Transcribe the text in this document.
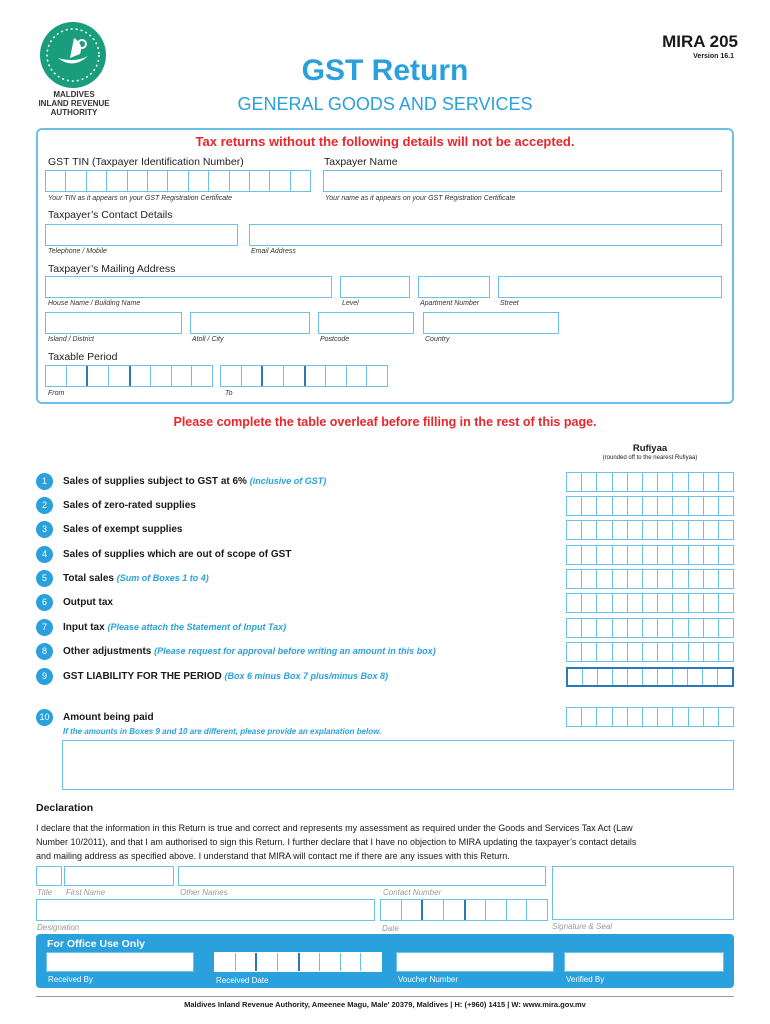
MALDIVES
INLAND REVENUE
AUTHORITY
MIRA 205
Version 16.1
GST Return
GENERAL GOODS AND SERVICES
Tax returns without the following details will not be accepted.
GST TIN (Taxpayer Identification Number)
Your TIN as it appears on your GST Registration Certificate
Taxpayer Name
Your name as it appears on your GST Registration Certificate
Taxpayer’s Contact Details
Telephone / Mobile	Email Address
Taxpayer’s Mailing Address
House Name / Building Name	Level	Apartment Number	Street
Island / District	Atoll / City	Postcode	Country
Taxable Period
From	To
Please complete the table overleaf before filling in the rest of this page.
Rufiyaa
(rounded off to the nearest Rufiyaa)
1	Sales of supplies subject to GST at 6% (inclusive of GST)
2	Sales of zero-rated supplies
3	Sales of exempt supplies
4	Sales of supplies which are out of scope of GST
5	Total sales (Sum of Boxes 1 to 4)
6	Output tax
7	Input tax (Please attach the Statement of Input Tax)
8	Other adjustments (Please request for approval before writing an amount in this box)
9	GST LIABILITY FOR THE PERIOD (Box 6 minus Box 7 plus/minus Box 8)
10	Amount being paid
If the amounts in Boxes 9 and 10 are different, please provide an explanation below.
Declaration
I declare that the information in this Return is true and correct and represents my assessment as required under the Goods and Services Tax Act (Law
Number 10/2011), and that I am authorised to sign this Return. I further declare that I have no objection to MIRA updating the taxpayer’s contact details
and mailing address as specified above. I understand that MIRA will contact me if there are any issues with this Return.
Title First Name	Other Names	Contact Number
Signature & Seal
Designation	Date
For Office Use Only
Received By	Received Date	Voucher Number	Verified By
Maldives Inland Revenue Authority, Ameenee Magu, Male' 20379, Maldives | H: (+960) 1415 | W: www.mira.gov.mv
